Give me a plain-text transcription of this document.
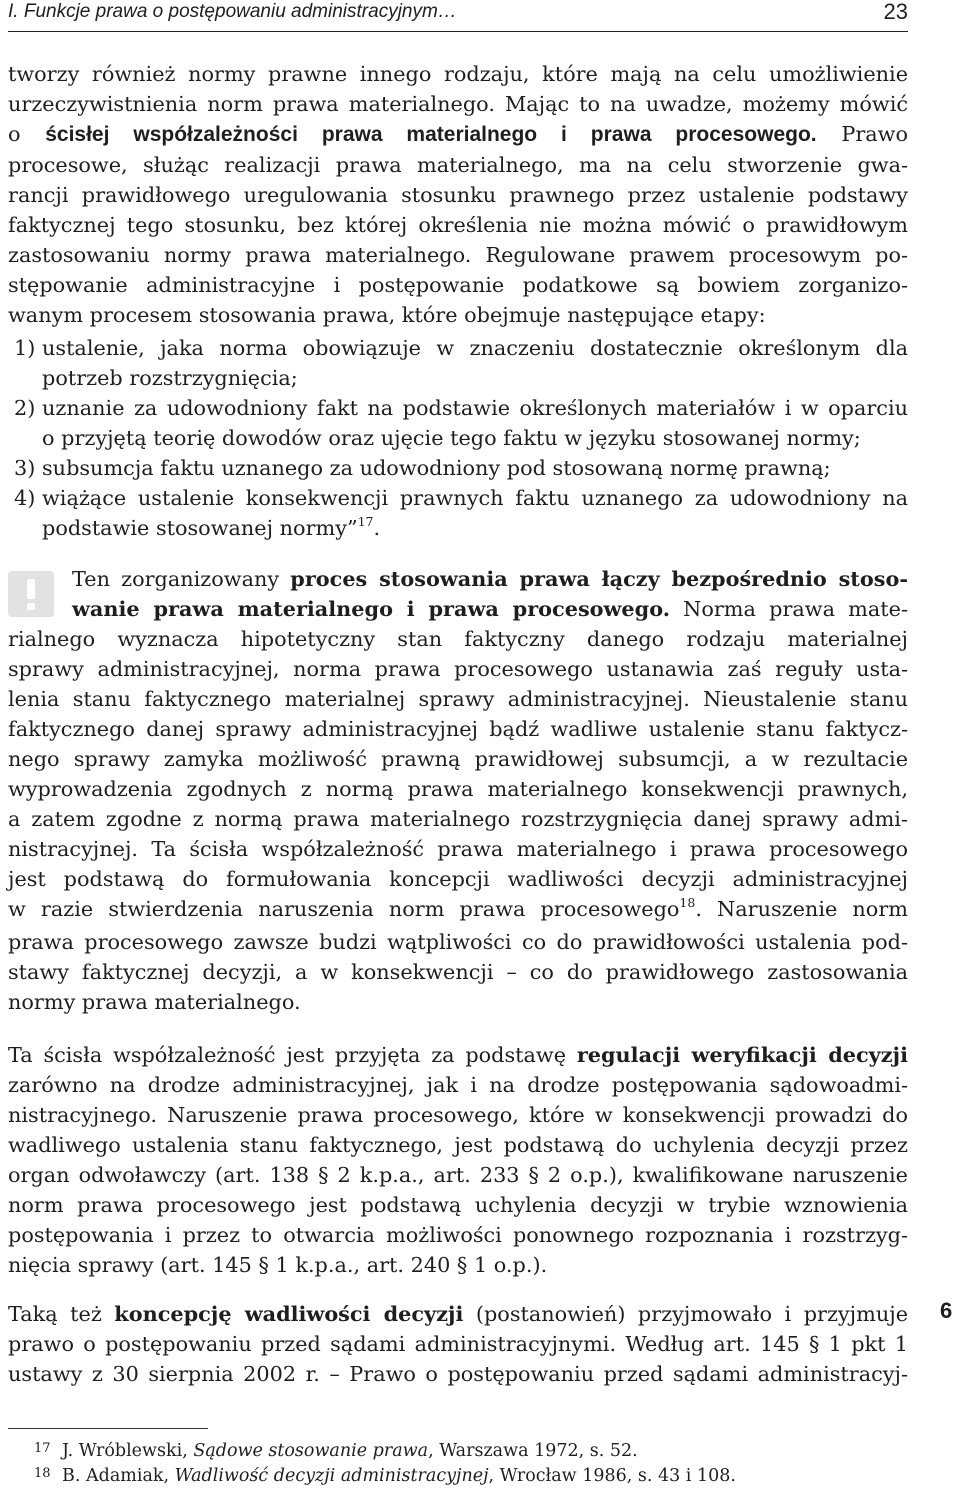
I. Funkcje prawa o postępowaniu administracyjnym…	23
tworzy również normy prawne innego rodzaju, które mają na celu umożliwienie
urzeczywistnienia norm prawa materialnego. Mając to na uwadze, możemy mówić
o ścisłej współzależności prawa materialnego i prawa procesowego. Prawo
procesowe, służąc realizacji prawa materialnego, ma na celu stworzenie gwa-
rancji prawidłowego uregulowania stosunku prawnego przez ustalenie podstawy
faktycznej tego stosunku, bez której określenia nie można mówić o prawidłowym
zastosowaniu normy prawa materialnego. Regulowane prawem procesowym po-
stępowanie administracyjne i postępowanie podatkowe są bowiem zorganizo-
wanym procesem stosowania prawa, które obejmuje następujące etapy:
1) ustalenie, jaka norma obowiązuje w znaczeniu dostatecznie określonym dla
potrzeb rozstrzygnięcia;
2) uznanie za udowodniony fakt na podstawie określonych materiałów i w oparciu
o przyjętą teorię dowodów oraz ujęcie tego faktu w języku stosowanej normy;
3) subsumcja faktu uznanego za udowodniony pod stosowaną normę prawną;
4) wiążące ustalenie konsekwencji prawnych faktu uznanego za udowodniony na
podstawie stosowanej normy”$^{17}$.
Ten zorganizowany proces stosowania prawa łączy bezpośrednio stoso-
wanie prawa materialnego i prawa procesowego. Norma prawa mate-
rialnego wyznacza hipotetyczny stan faktyczny danego rodzaju materialnej
sprawy administracyjnej, norma prawa procesowego ustanawia zaś reguły usta-
lenia stanu faktycznego materialnej sprawy administracyjnej. Nieustalenie stanu
faktycznego danej sprawy administracyjnej bądź wadliwe ustalenie stanu faktycz-
nego sprawy zamyka możliwość prawną prawidłowej subsumcji, a w rezultacie
wyprowadzenia zgodnych z normą prawa materialnego konsekwencji prawnych,
a zatem zgodne z normą prawa materialnego rozstrzygnięcia danej sprawy admi-
nistracyjnej. Ta ścisła współzależność prawa materialnego i prawa procesowego
jest podstawą do formułowania koncepcji wadliwości decyzji administracyjnej
w razie stwierdzenia naruszenia norm prawa procesowego$^{18}$. Naruszenie norm
prawa procesowego zawsze budzi wątpliwości co do prawidłowości ustalenia pod-
stawy faktycznej decyzji, a w konsekwencji – co do prawidłowego zastosowania
normy prawa materialnego.
Ta ścisła współzależność jest przyjęta za podstawę regulacji weryfikacji decyzji
zarówno na drodze administracyjnej, jak i na drodze postępowania sądowoadmi-
nistracyjnego. Naruszenie prawa procesowego, które w konsekwencji prowadzi do
wadliwego ustalenia stanu faktycznego, jest podstawą do uchylenia decyzji przez
organ odwoławczy (art. 138 § 2 k.p.a., art. 233 § 2 o.p.), kwalifikowane naruszenie
norm prawa procesowego jest podstawą uchylenia decyzji w trybie wznowienia
postępowania i przez to otwarcia możliwości ponownego rozpoznania i rozstrzyg-
nięcia sprawy (art. 145 § 1 k.p.a., art. 240 § 1 o.p.).
Taką też koncepcję wadliwości decyzji (postanowień) przyjmowało i przyjmuje
prawo o postępowaniu przed sądami administracyjnymi. Według art. 145 § 1 pkt 1
ustawy z 30 sierpnia 2002 r. – Prawo o postępowaniu przed sądami administracyj-
6
$^{17}$ J. Wróblewski, Sądowe stosowanie prawa, Warszawa 1972, s. 52.
$^{18}$ B. Adamiak, Wadliwość decyzji administracyjnej, Wrocław 1986, s. 43 i 108.
